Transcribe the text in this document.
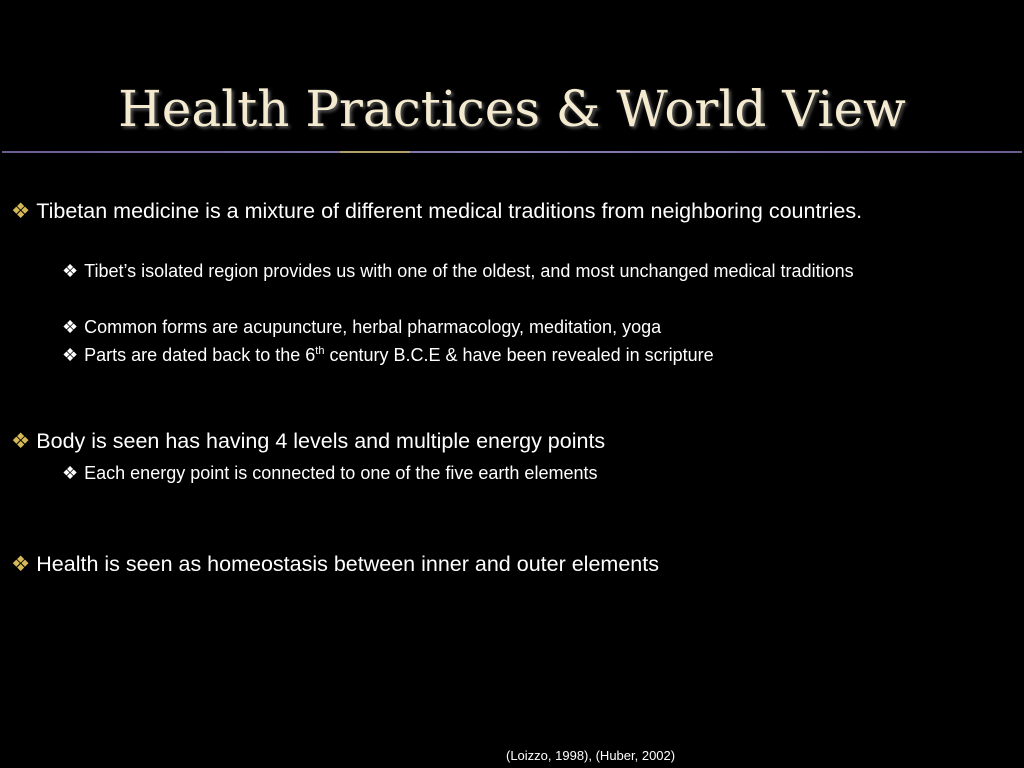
Health Practices & World View
❖ Tibetan medicine is a mixture of different medical traditions from neighboring countries.
❖ Tibet’s isolated region provides us with one of the oldest, and most unchanged medical traditions
❖ Common forms are acupuncture, herbal pharmacology, meditation, yoga
❖ Parts are dated back to the 6th century B.C.E & have been revealed in scripture
❖ Body is seen has having 4 levels and multiple energy points
❖ Each energy point is connected to one of the five earth elements
❖ Health is seen as homeostasis between inner and outer elements
(Loizzo, 1998), (Huber, 2002)
